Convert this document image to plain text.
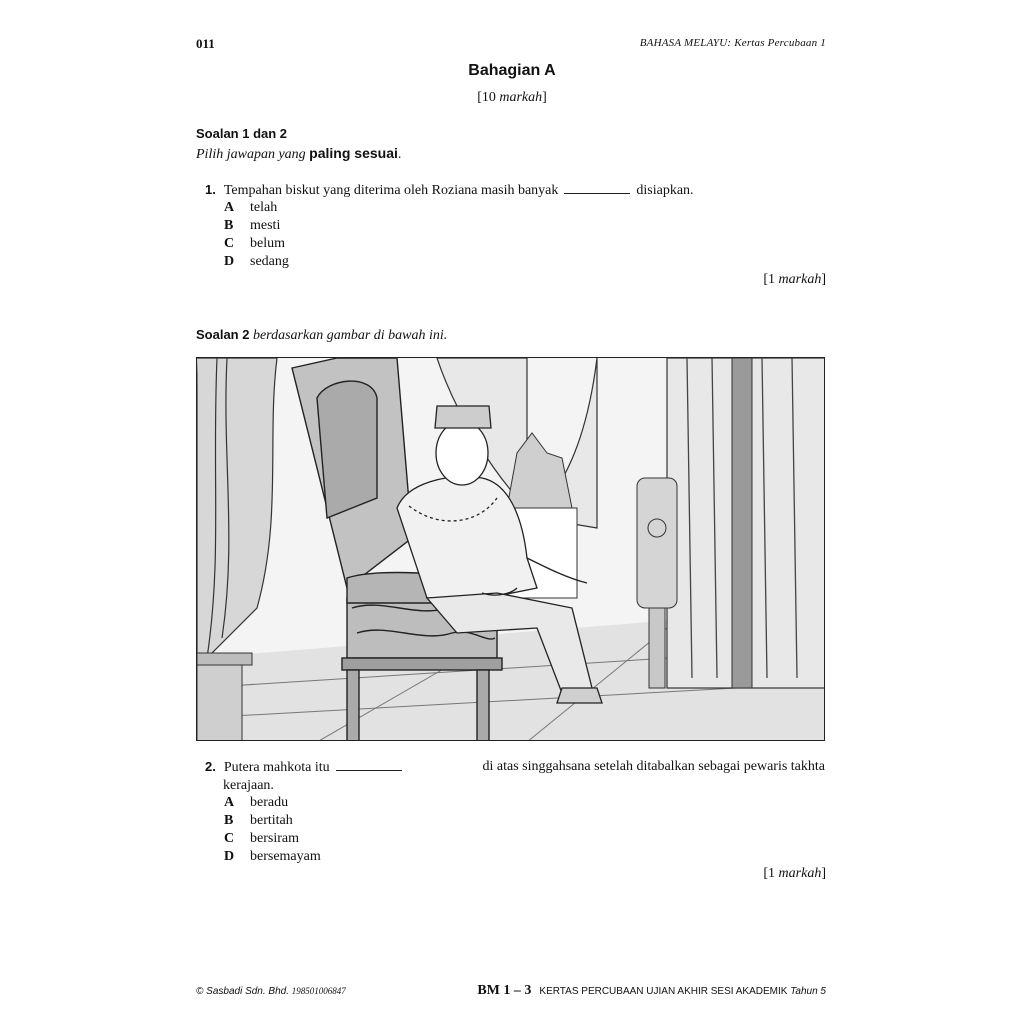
011	BAHASA MELAYU: Kertas Percubaan 1
Bahagian A
[10 markah]
Soalan 1 dan 2
Pilih jawapan yang paling sesuai.
1. Tempahan biskut yang diterima oleh Roziana masih banyak	disiapkan.
A	telah
B	mesti
C	belum
D	sedang
[1 markah]
Soalan 2 berdasarkan gambar di bawah ini.
2. Putera mahkota itu	di atas singgahsana setelah ditabalkan sebagai pewaris takhta
kerajaan.
A	beradu
B	bertitah
C	bersiram
D	bersemayam
[1 markah]
© Sasbadi Sdn. Bhd. 198501006847	BM 1 – 3 KERTAS PERCUBAAN UJIAN AKHIR SESI AKADEMIK Tahun 5
